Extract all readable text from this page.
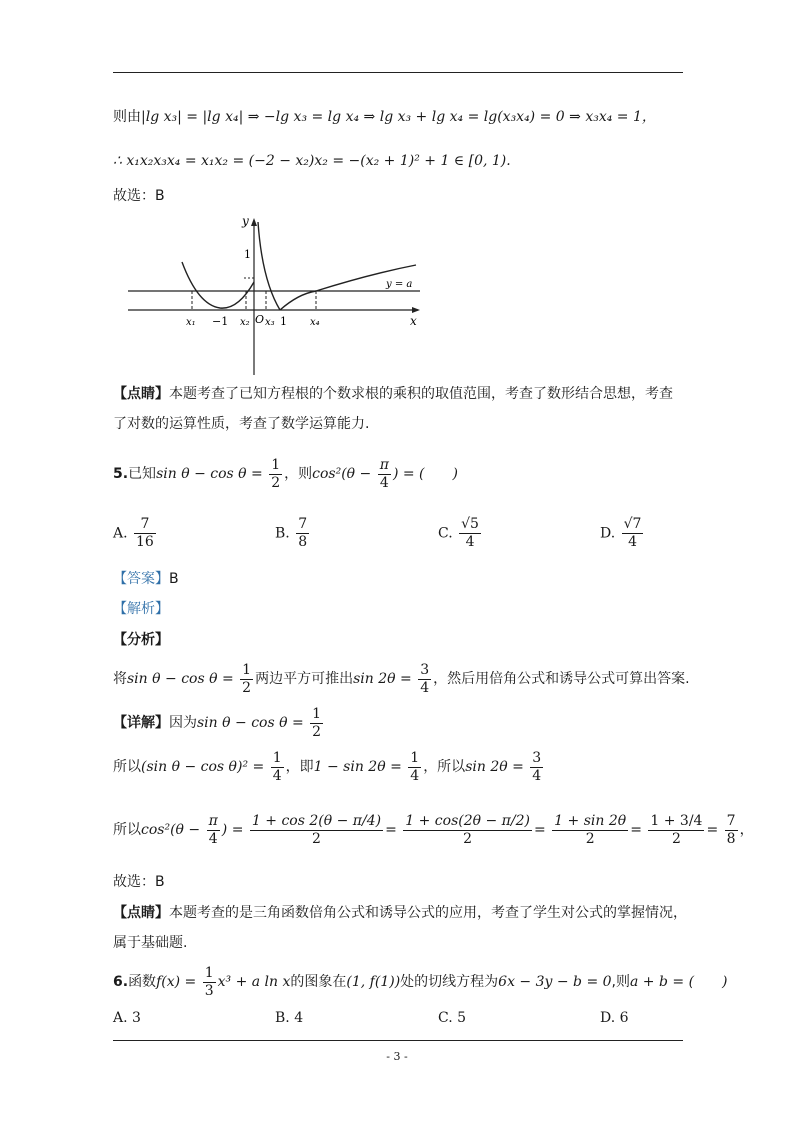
则由|lg x₃| = |lg x₄| ⇒ −lg x₃ = lg x₄ ⇒ lg x₃ + lg x₄ = lg(x₃x₄) = 0 ⇒ x₃x₄ = 1，
∴ x₁x₂x₃x₄ = x₁x₂ = (−2 − x₂)x₂ = −(x₂ + 1)² + 1 ∈ [0, 1).
故选：B
y
x
1
y = a
x₁ −1 x₂ O x₃ 1 x₄
【点睛】本题考查了已知方程根的个数求根的乘积的取值范围，考查了数形结合思想，考查
了对数的运算性质，考查了数学运算能力.
5.已知$\sin \theta - \cos \theta = \frac{1}{2}$ ，则$\cos^2(\theta - \frac{\pi}{4}$ ) = (　　)
A. $\frac{7}{16}$	B. $\frac{7}{8}$	C. $\frac{√5}{4}$	D. $\frac{√7}{4}$
【答案】B
【解析】
【分析】
将$\sin \theta - \cos \theta = \frac{1}{2}$ 两边平方可推出$\sin 2\theta = \frac{3}{4}$ ，然后用倍角公式和诱导公式可算出答案.
【详解】因为$\sin \theta - \cos \theta = \frac{1}{2}$
所以(sin $\theta - \cos \theta)^2 = \frac{1}{4}$ ，即$1 - \sin 2\theta = \frac{1}{4}$ ，所以$\sin 2\theta = \frac{3}{4}$
所以$\cos^2(\theta - \frac{\pi}{4}$ ) = $\frac{1 + \cos 2(\theta - \pi/4)}{2} = \frac{1 + \cos(2\theta - \pi/2)}{2} = \frac{1 + \sin 2\theta}{2} = \frac{1 + 3/4}{2} = \frac{7}{8}$ ，
故选：B
【点睛】本题考查的是三角函数倍角公式和诱导公式的应用，考查了学生对公式的掌握情况，
属于基础题.
6.函数$f(x) = \frac{1}{3} x^3 + a$ ln x的图象在(1, f(1))处的切线方程为6x − 3y − b = 0,则a + b = (　　)
A. 3	B. 4	C. 5	D. 6
- 3 -
